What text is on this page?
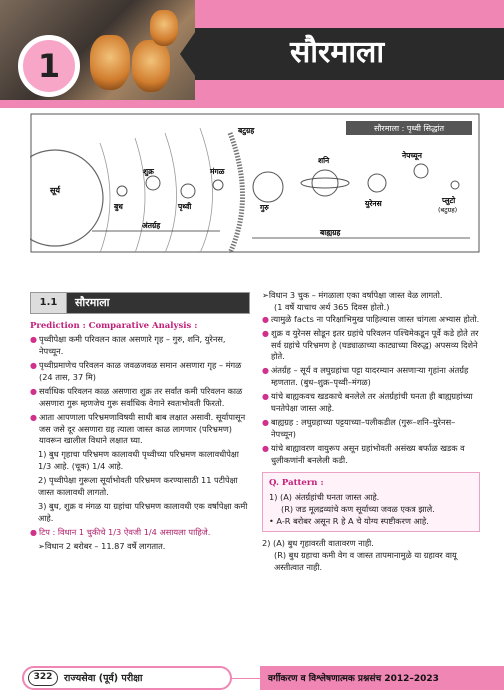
सौरमाला
1
सौरमाला : पृथ्वी सिद्धांत
सूर्य
बटुग्रह
बुध
शुक्र
पृथ्वी
मंगळ
गुरु
शनि
युरेनस
नेपच्यून
प्लुटो
(बटुग्रह)
अंतर्ग्रह
बाह्यग्रह
1.1	सौरमाला
Prediction : Comparative Analysis :
● पृथ्वीपेक्षा कमी परिवलन काल असणारे गृह – गुरु, शनि, युरेनस, नेपच्यून.
● पृथ्वीप्रमाणेच परिवलन काळ जवळजवळ समान असणारा गृह – मंगळ (24 तास, 37 मि)
● सर्वाधिक परिवलन काळ असणारा शुक्र तर सर्वांत कमी परिवलन काळ असणारा गुरू म्हणजेच गुरू सर्वाधिक वेगाने स्वतःभोवती फिरतो.
● आता आपणाला परिभ्रमणाविषयी साधी बाब लक्षात असावी. सूर्यापासून जस जसे दूर असणारा ग्रह त्याला जास्त काळ लागणार (परिभ्रमण) यावरून खालील विधाने लक्षात घ्या.
1) बुध गृहाचा परिभ्रमण कालावधी पृथ्वीच्या परिभ्रमण कालावधीपेक्षा 1/3 आहे. (चूक) 1/4 आहे.
2) पृथ्वीपेक्षा गुरूला सूर्याभोवती परिभ्रमण करण्यासाठी 11 पटीपेक्षा जास्त कालावधी लागतो.
3) बुध, शुक्र व मंगळ या ग्रहांचा परिभ्रमण कालावधी एक वर्षापेक्षा कमी आहे.
● टिप : विधान 1 चुकीचे 1/3 ऐवजी 1/4 असायला पाहिजे.
➢विधान 2 बरोबर – 11.87 वर्षे लागतात.
➢विधान 3 चुक – मंगळाला एका वर्षापेक्षा जास्त वेळ लागतो.
(1 वर्षे याचाच अर्थ 365 दिवस होतो.)
● त्यामुळे facts ना परिक्षाभिमुख पाहिल्यास जास्त चांगला अभ्यास होतो.
● शुक्र व युरेनस सोडून इतर ग्रहांचे परिवलन पश्चिमेकडून पूर्वे कडे होते तर सर्व ग्रहांचे परिभ्रमण हे (घड्याळाच्या काट्याच्या विरुद्ध) अपसव्य दिशेने होते.
● अंतर्ग्रह – सूर्य व लघुग्रहांचा पट्टा यादरम्यान असणाऱ्या गृहांना अंतर्ग्रह म्हणतात. (बुध–शुक्र–पृथ्वी–मंगळ)
● यांचे बाह्यकवच खडकाचे बनलेले तर अंतर्ग्रहांची घनता ही बाह्यग्रहांच्या घनतेपेक्षा जास्त आहे.
● बाह्यग्रह : लघुग्रहाच्या पट्टयाच्या–पलीकडील (गुरू–शनि–युरेनस–नेपच्यून)
● यांचे बाह्यावरण वायुरूप असून ग्रहांभोवती असंख्य बर्फाळ खडक व धुलीकणांनी बनलेली कडी.
Q. Pattern :
1) (A) अंतर्ग्रहांची घनता जास्त आहे.
(R) जड मूलद्रव्यांचे कण सूर्याच्या जवळ एकत्र झाले.
• A-R बरोबर असून R हे A चे योग्य स्पष्टीकरण आहे.
2) (A) बुध गृहावरती वातावरण नाही.
(R) बुध ग्रहाचा कमी वेग व जास्त तापमानामुळे या ग्रहावर वायू अस्तीत्वात नाही.
322	राज्यसेवा (पूर्व) परीक्षा	वर्गीकरण व विश्लेषणात्मक प्रश्नसंच 2012–2023
